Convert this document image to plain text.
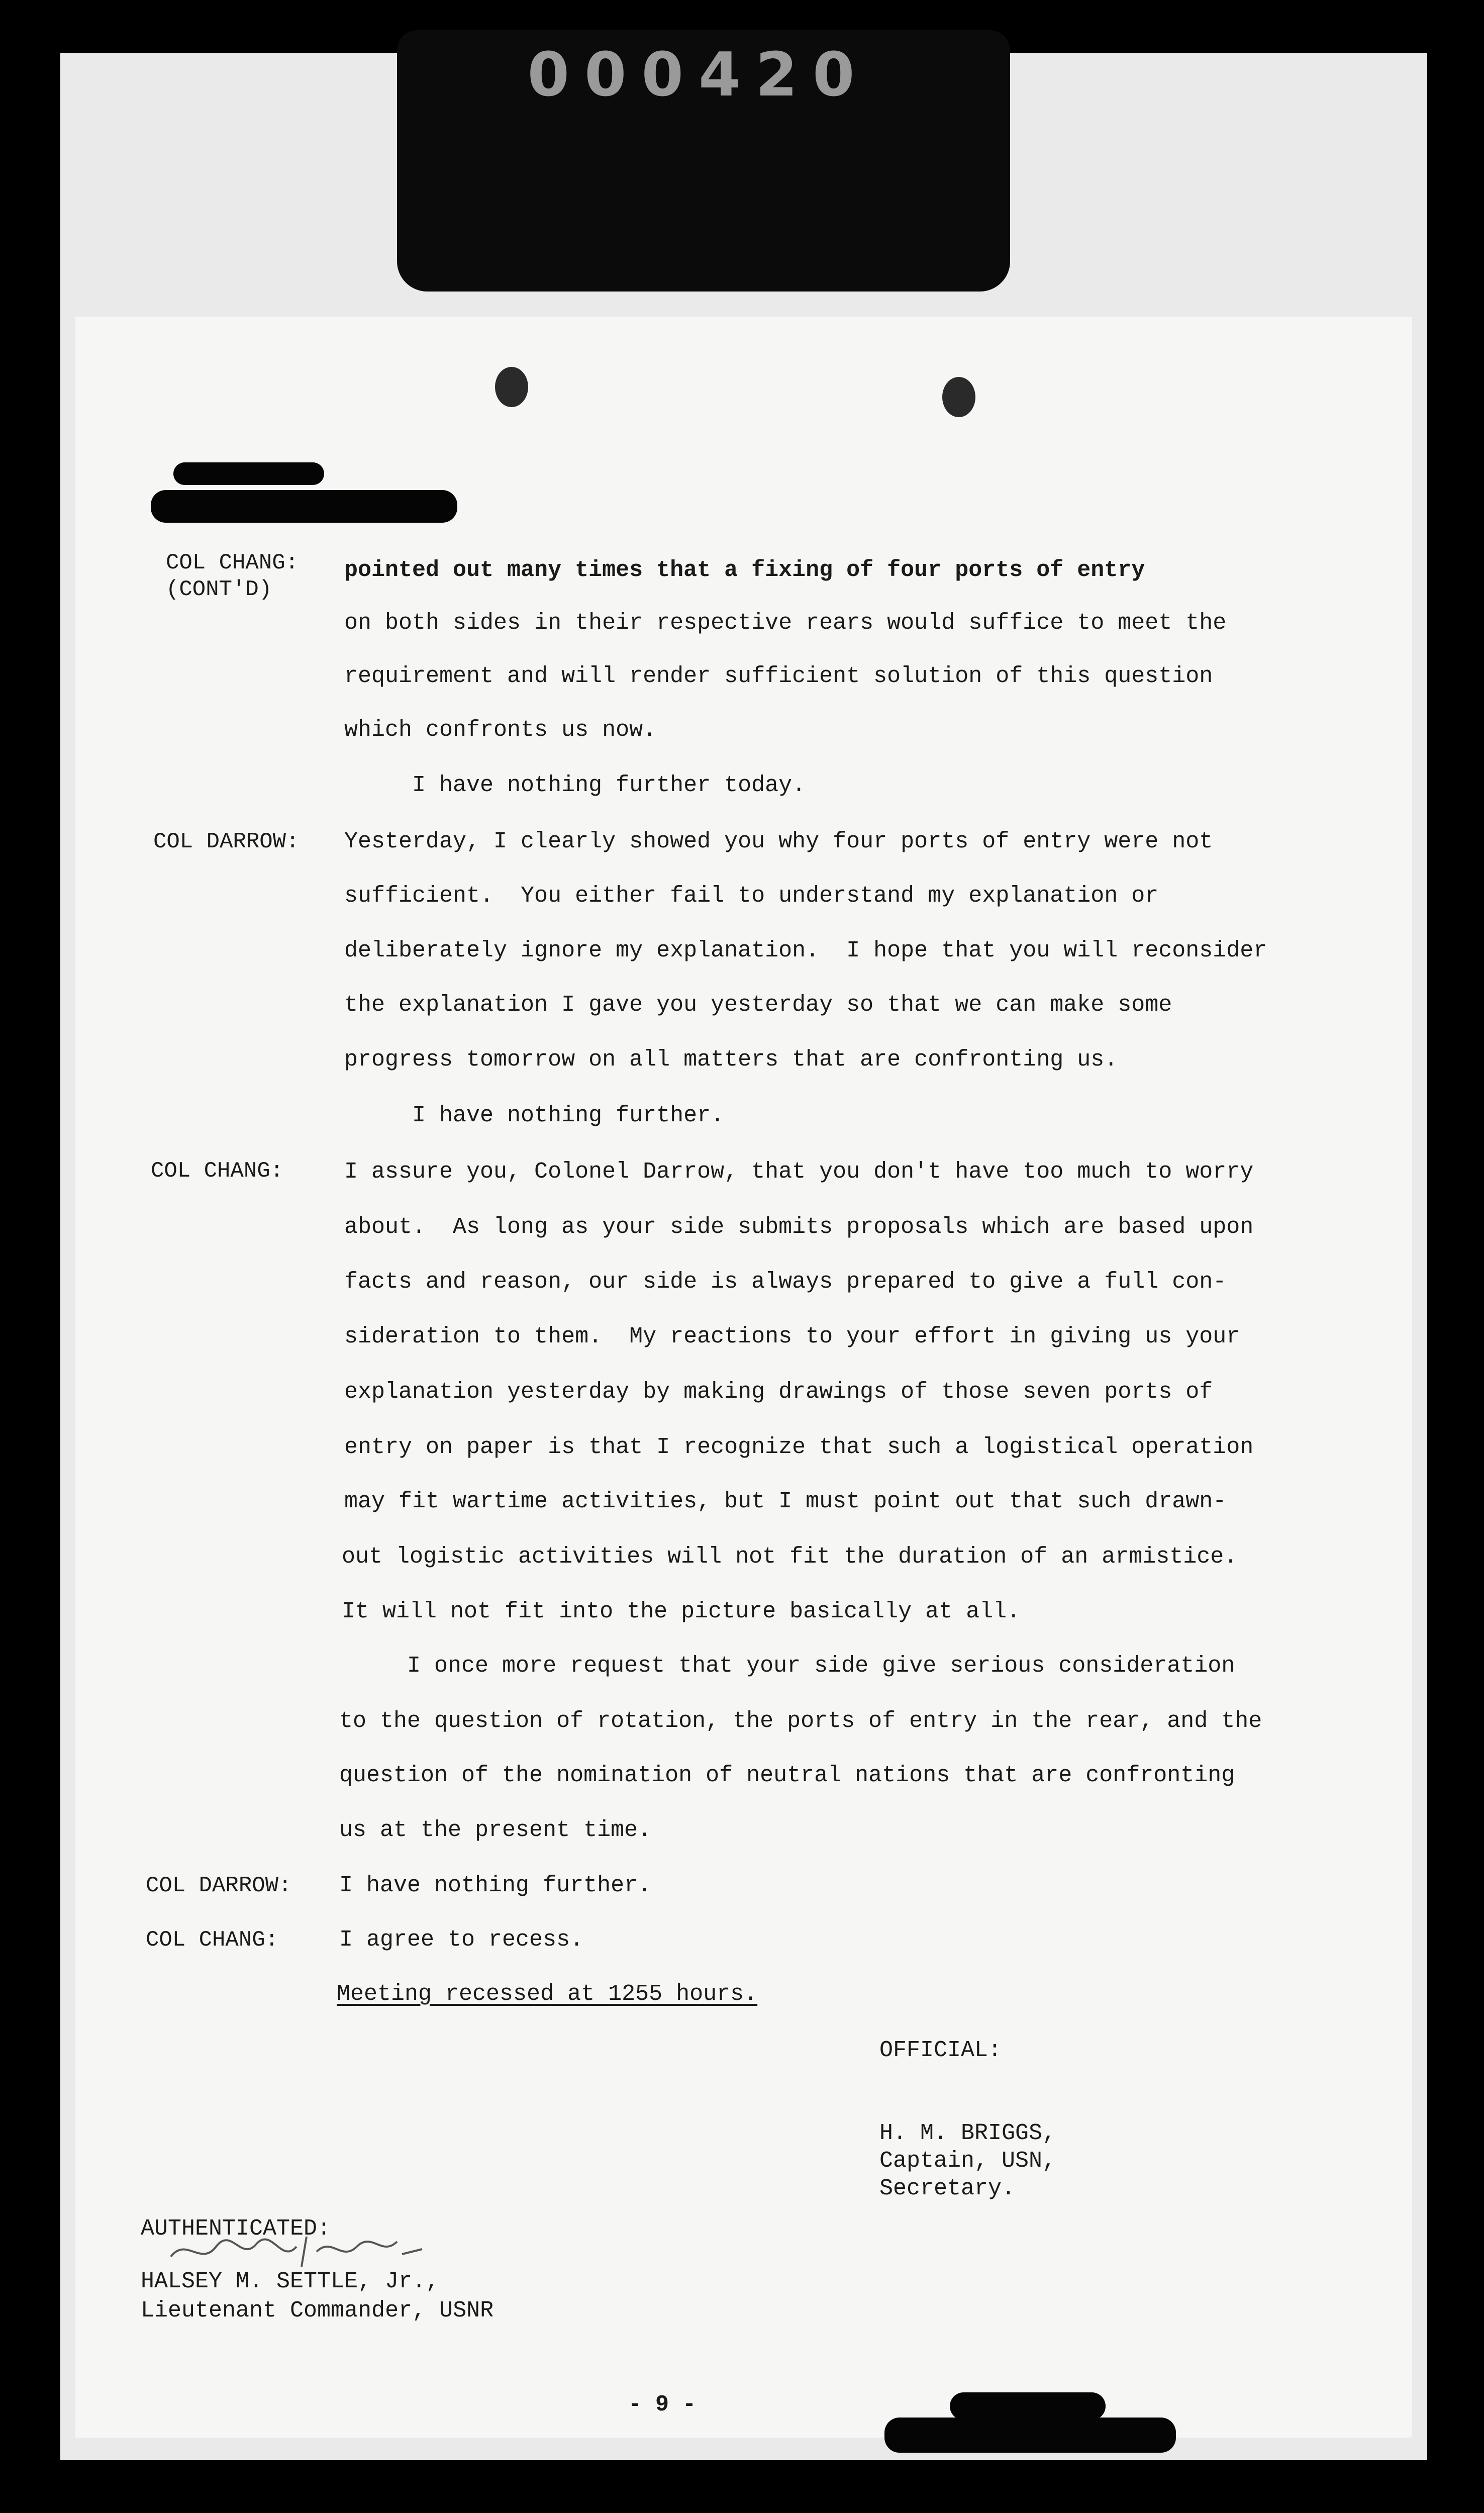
000420
COL CHANG:
(CONT'D)
pointed out many times that a fixing of four ports of entry
on both sides in their respective rears would suffice to meet the
requirement and will render sufficient solution of this question
which confronts us now.
I have nothing further today.
COL DARROW: Yesterday, I clearly showed you why four ports of entry were not
sufficient.  You either fail to understand my explanation or
deliberately ignore my explanation.  I hope that you will reconsider
the explanation I gave you yesterday so that we can make some
progress tomorrow on all matters that are confronting us.
I have nothing further.
COL CHANG:	I assure you, Colonel Darrow, that you don't have too much to worry
about.  As long as your side submits proposals which are based upon
facts and reason, our side is always prepared to give a full con-
sideration to them.  My reactions to your effort in giving us your
explanation yesterday by making drawings of those seven ports of
entry on paper is that I recognize that such a logistical operation
may fit wartime activities, but I must point out that such drawn-
out logistic activities will not fit the duration of an armistice.
It will not fit into the picture basically at all.
I once more request that your side give serious consideration
to the question of rotation, the ports of entry in the rear, and the
question of the nomination of neutral nations that are confronting
us at the present time.
COL DARROW: I have nothing further.
COL CHANG:	I agree to recess.
Meeting recessed at 1255 hours.
OFFICIAL:
H. M. BRIGGS,
Captain, USN,
Secretary.
AUTHENTICATED:
HALSEY M. SETTLE, Jr.,
Lieutenant Commander, USNR
- 9 -
